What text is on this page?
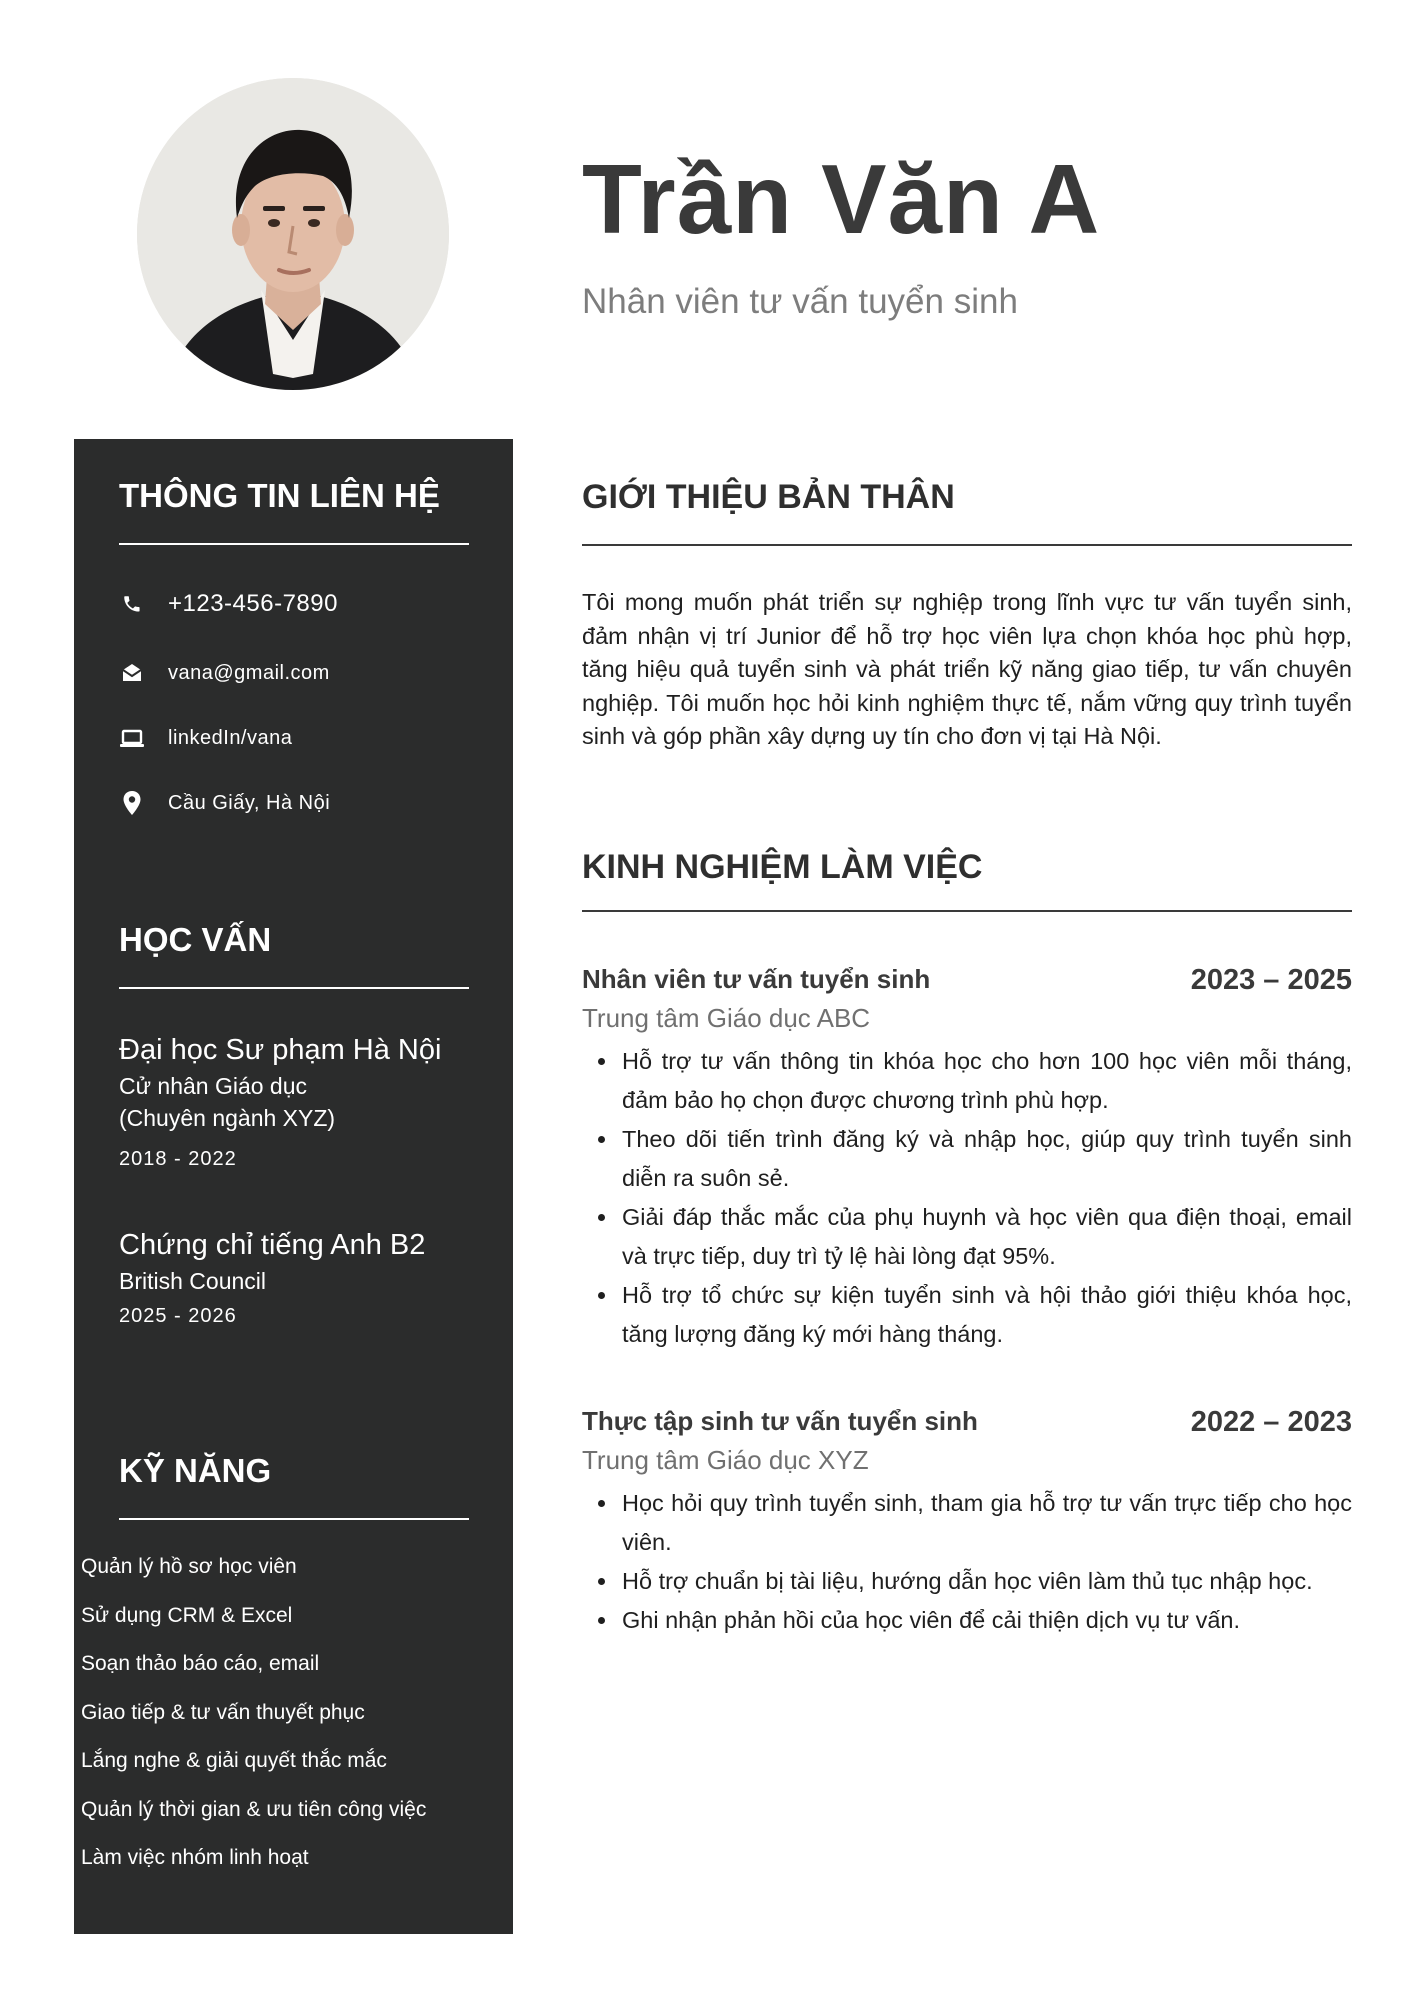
Trần Văn A
Nhân viên tư vấn tuyển sinh
THÔNG TIN LIÊN HỆ
+123-456-7890
vana@gmail.com
linkedIn/vana
Cầu Giấy, Hà Nội
HỌC VẤN
Đại học Sư phạm Hà Nội
Cử nhân Giáo dục
(Chuyên ngành XYZ)
2018 - 2022
Chứng chỉ tiếng Anh B2
British Council
2025 - 2026
KỸ NĂNG
Quản lý hồ sơ học viên
Sử dụng CRM & Excel
Soạn thảo báo cáo, email
Giao tiếp & tư vấn thuyết phục
Lắng nghe & giải quyết thắc mắc
Quản lý thời gian & ưu tiên công việc
Làm việc nhóm linh hoạt
GIỚI THIỆU BẢN THÂN

Tôi mong muốn phát triển sự nghiệp trong lĩnh vực tư vấn tuyển sinh, đảm nhận vị trí Junior để hỗ trợ học viên lựa chọn khóa học phù hợp, tăng hiệu quả tuyển sinh và phát triển kỹ năng giao tiếp, tư vấn chuyên nghiệp. Tôi muốn học hỏi kinh nghiệm thực tế, nắm vững quy trình tuyển sinh và góp phần xây dựng uy tín cho đơn vị tại Hà Nội.

KINH NGHIỆM LÀM VIỆC
Nhân viên tư vấn tuyển sinh	2023 – 2025
Trung tâm Giáo dục ABC
Hỗ trợ tư vấn thông tin khóa học cho hơn 100 học viên mỗi tháng, đảm bảo họ chọn được chương trình phù hợp.
Theo dõi tiến trình đăng ký và nhập học, giúp quy trình tuyển sinh diễn ra suôn sẻ.
Giải đáp thắc mắc của phụ huynh và học viên qua điện thoại, email và trực tiếp, duy trì tỷ lệ hài lòng đạt 95%.
Hỗ trợ tổ chức sự kiện tuyển sinh và hội thảo giới thiệu khóa học, tăng lượng đăng ký mới hàng tháng.
Thực tập sinh tư vấn tuyển sinh	2022 – 2023
Trung tâm Giáo dục XYZ
Học hỏi quy trình tuyển sinh, tham gia hỗ trợ tư vấn trực tiếp cho học viên.
Hỗ trợ chuẩn bị tài liệu, hướng dẫn học viên làm thủ tục nhập học.
Ghi nhận phản hồi của học viên để cải thiện dịch vụ tư vấn.
